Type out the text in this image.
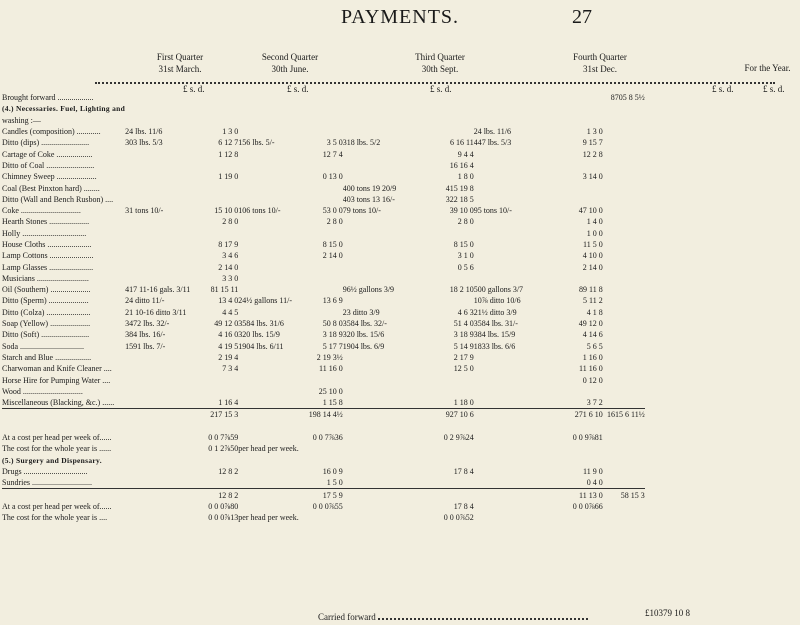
PAYMENTS.	27
First Quarter
31st March.
Second Quarter
30th June.
Third Quarter
30th Sept.
Fourth Quarter
31st Dec.	For the Year.
£ s. d.	£ s. d.	£ s. d.	£ s. d.	£ s. d.
Brought forward ..................									8705 8 5½
(4.) Necessaries. Fuel, Lighting and									
washing :—									
Candles (composition) ............	24 lbs. 11/6	1 3 0					24 lbs. 11/6	1 3 0	
Ditto (dips) ........................	303 lbs. 5/3	6 12 7	156 lbs. 5/-	3 5 0	318 lbs. 5/2	6 16 11	447 lbs. 5/3	9 15 7	
Cartage of Coke ..................		1 12 8		12 7 4		9 4 4		12 2 8	
Ditto of Coal ........................						16 16 4			
Chimney Sweep ....................		1 19 0		0 13 0		1 8 0		3 14 0	
Coal (Best Pinxton hard) ........					400 tons 19 20/9	415 19 8			
Ditto (Wall and Bench Rusbon) ....					403 tons 13 16/-	322 18 5			
Coke ..............................	31 tons 10/-	15 10 0	106 tons 10/-	53 0 0	79 tons 10/-	39 10 0	95 tons 10/-	47 10 0	
Hearth Stones ....................		2 8 0		2 8 0		2 8 0		1 4 0	
Holly ................................								1 0 0	
House Cloths ......................		8 17 9		8 15 0		8 15 0		11 5 0	
Lamp Cottons ......................		3 4 6		2 14 0		3 1 0		4 10 0	
Lamp Glasses ......................		2 14 0				0 5 6		2 14 0	
Musicians ..........................		3 3 0							
Oil (Southern) ....................	417 11-16 gals. 3/11	81 15 11			96½ gallons 3/9	18 2 10	500 gallons 3/7	89 11 8	
Ditto (Sperm) ....................	24 ditto 11/-	13 4 0	24½ gallons 11/-	13 6 9			10⅞ ditto 10/6	5 11 2	
Ditto (Colza) ......................	21 10-16 ditto 3/11	4 4 5			23 ditto 3/9	4 6 3	21½ ditto 3/9	4 1 8	
Soap (Yellow) ....................	3472 lbs. 32/-	49 12 0	3584 lbs. 31/6	50 8 0	3584 lbs. 32/-	51 4 0	3584 lbs. 31/-	49 12 0	
Ditto (Soft) ........................	384 lbs. 16/-	4 16 0	320 lbs. 15/9	3 18 9	320 lbs. 15/6	3 18 9	384 lbs. 15/9	4 14 6	
Soda ................................	1591 lbs. 7/-	4 19 5	1904 lbs. 6/11	5 17 7	1904 lbs. 6/9	5 14 9	1833 lbs. 6/6	5 6 5	
Starch and Blue ..................		2 19 4		2 19 3½		2 17 9		1 16 0	
Charwoman and Knife Cleaner ....		7 3 4		11 16 0		12 5 0		11 16 0	
Horse Hire for Pumping Water ....								0 12 0	
Wood ..............................				25 10 0					
Miscellaneous (Blacking, &c.) ......		1 16 4		1 15 8		1 18 0		3 7 2	
		217 15 3		198 14 4½		927 10 6		271 6 10	1615 6 11½

At a cost per head per week of......		0 0 7⅞59		0 0 7⅞36		0 2 9⅞24		0 0 9⅞81	
The cost for the whole year is ......		0 1 2⅞50	per head per week.						
(5.) Surgery and Dispensary.									
Drugs ................................		12 8 2		16 0 9		17 8 4		11 9 0	
Sundries ..............................				1 5 0				0 4 0	
		12 8 2		17 5 9				11 13 0	58 15 3
At a cost per head per week of......		0 0 0⅞80		0 0 0⅞55		17 8 4		0 0 0⅞66	
The cost for the whole year is ....		0 0 0⅞13	per head per week.			0 0 0⅞52			
Carried forward	£10379 10 8
